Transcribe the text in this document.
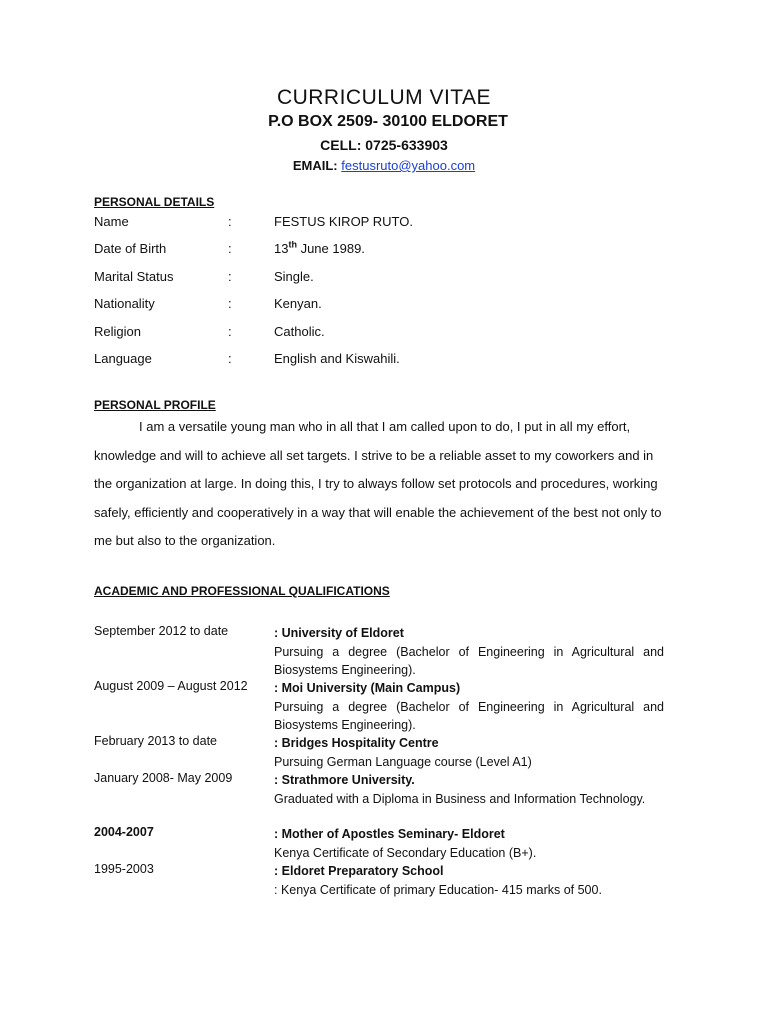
CURRICULUM VITAE
P.O BOX 2509- 30100 ELDORET
CELL: 0725-633903
EMAIL: festusruto@yahoo.com
PERSONAL DETAILS
Name	:	FESTUS KIROP RUTO.
Date of Birth	:	13th June 1989.
Marital Status	:	Single.
Nationality	:	Kenyan.
Religion	:	Catholic.
Language	:	English and Kiswahili.
PERSONAL PROFILE
I am a versatile young man who in all that I am called upon to do, I put in all my effort, knowledge and will to achieve all set targets. I strive to be a reliable asset to my coworkers and in the organization at large. In doing this, I try to always follow set protocols and procedures, working safely, efficiently and cooperatively in a way that will enable the achievement of the best not only to me but also to the organization.
ACADEMIC AND PROFESSIONAL QUALIFICATIONS
September 2012 to date	: University of Eldoret
Pursuing a degree (Bachelor of Engineering in Agricultural and Biosystems Engineering).
August 2009 – August 2012 : Moi University (Main Campus)
Pursuing a degree (Bachelor of Engineering in Agricultural and Biosystems Engineering).
February 2013 to date	: Bridges Hospitality Centre
Pursuing German Language course (Level A1)
January 2008- May 2009	: Strathmore University.
Graduated with a Diploma in Business and Information Technology.
2004-2007	: Mother of Apostles Seminary- Eldoret
Kenya Certificate of Secondary Education (B+).
1995-2003	: Eldoret Preparatory School
: Kenya Certificate of primary Education- 415 marks of 500.
